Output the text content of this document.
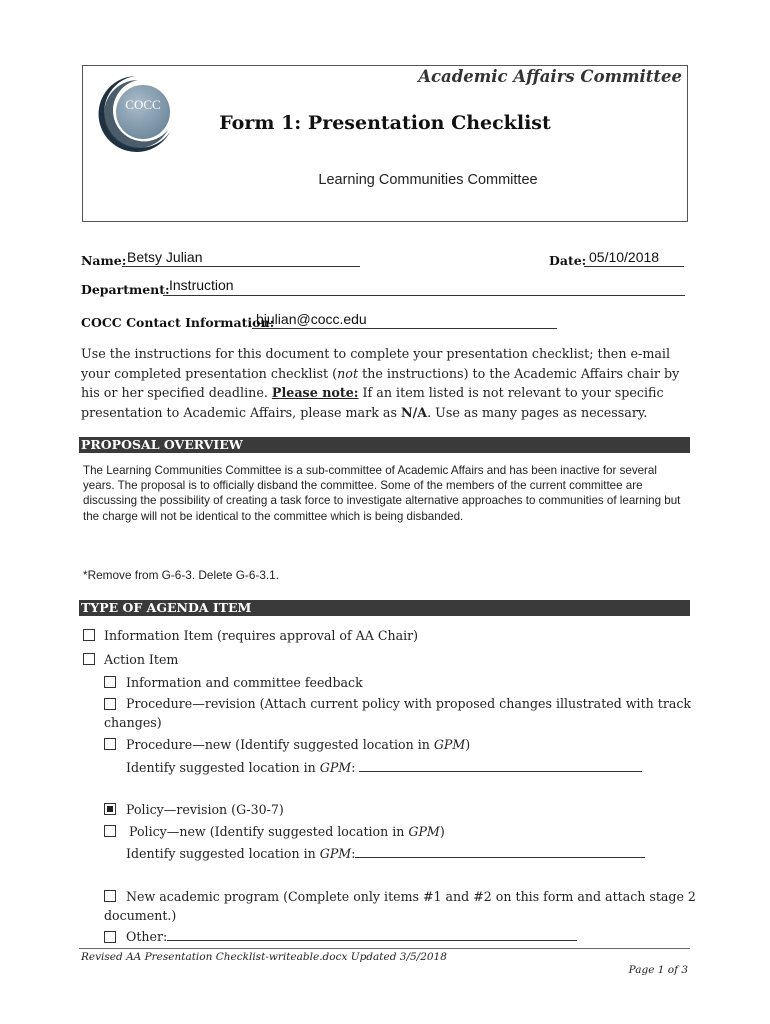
COCC
Academic Affairs Committee
Form 1: Presentation Checklist
Learning Communities Committee
Name: Betsy Julian	Date: 05/10/2018
Department: Instruction
COCC Contact Information:
bjulian@cocc.edu
Use the instructions for this document to complete your presentation checklist; then e-mail your completed presentation checklist (not the instructions) to the Academic Affairs chair by his or her specified deadline. Please note: If an item listed is not relevant to your specific presentation to Academic Affairs, please mark as N/A. Use as many pages as necessary.
PROPOSAL OVERVIEW
The Learning Communities Committee is a sub-committee of Academic Affairs and has been inactive for several years. The proposal is to officially disband the committee. Some of the members of the current committee are discussing the possibility of creating a task force to investigate alternative approaches to communities of learning but the charge will not be identical to the committee which is being disbanded.
*Remove from G-6-3. Delete G-6-3.1.
TYPE OF AGENDA ITEM
Information Item (requires approval of AA Chair)
Action Item
Information and committee feedback
Procedure—revision (Attach current policy with proposed changes illustrated with track
changes)
Procedure—new (Identify suggested location in GPM)
Identify suggested location in GPM:
Policy—revision (G-30-7)
Policy—new (Identify suggested location in GPM)
Identify suggested location in GPM:
New academic program (Complete only items #1 and #2 on this form and attach stage 2
document.)
Other:
Revised AA Presentation Checklist-writeable.docx Updated 3/5/2018
Page 1 of 3
